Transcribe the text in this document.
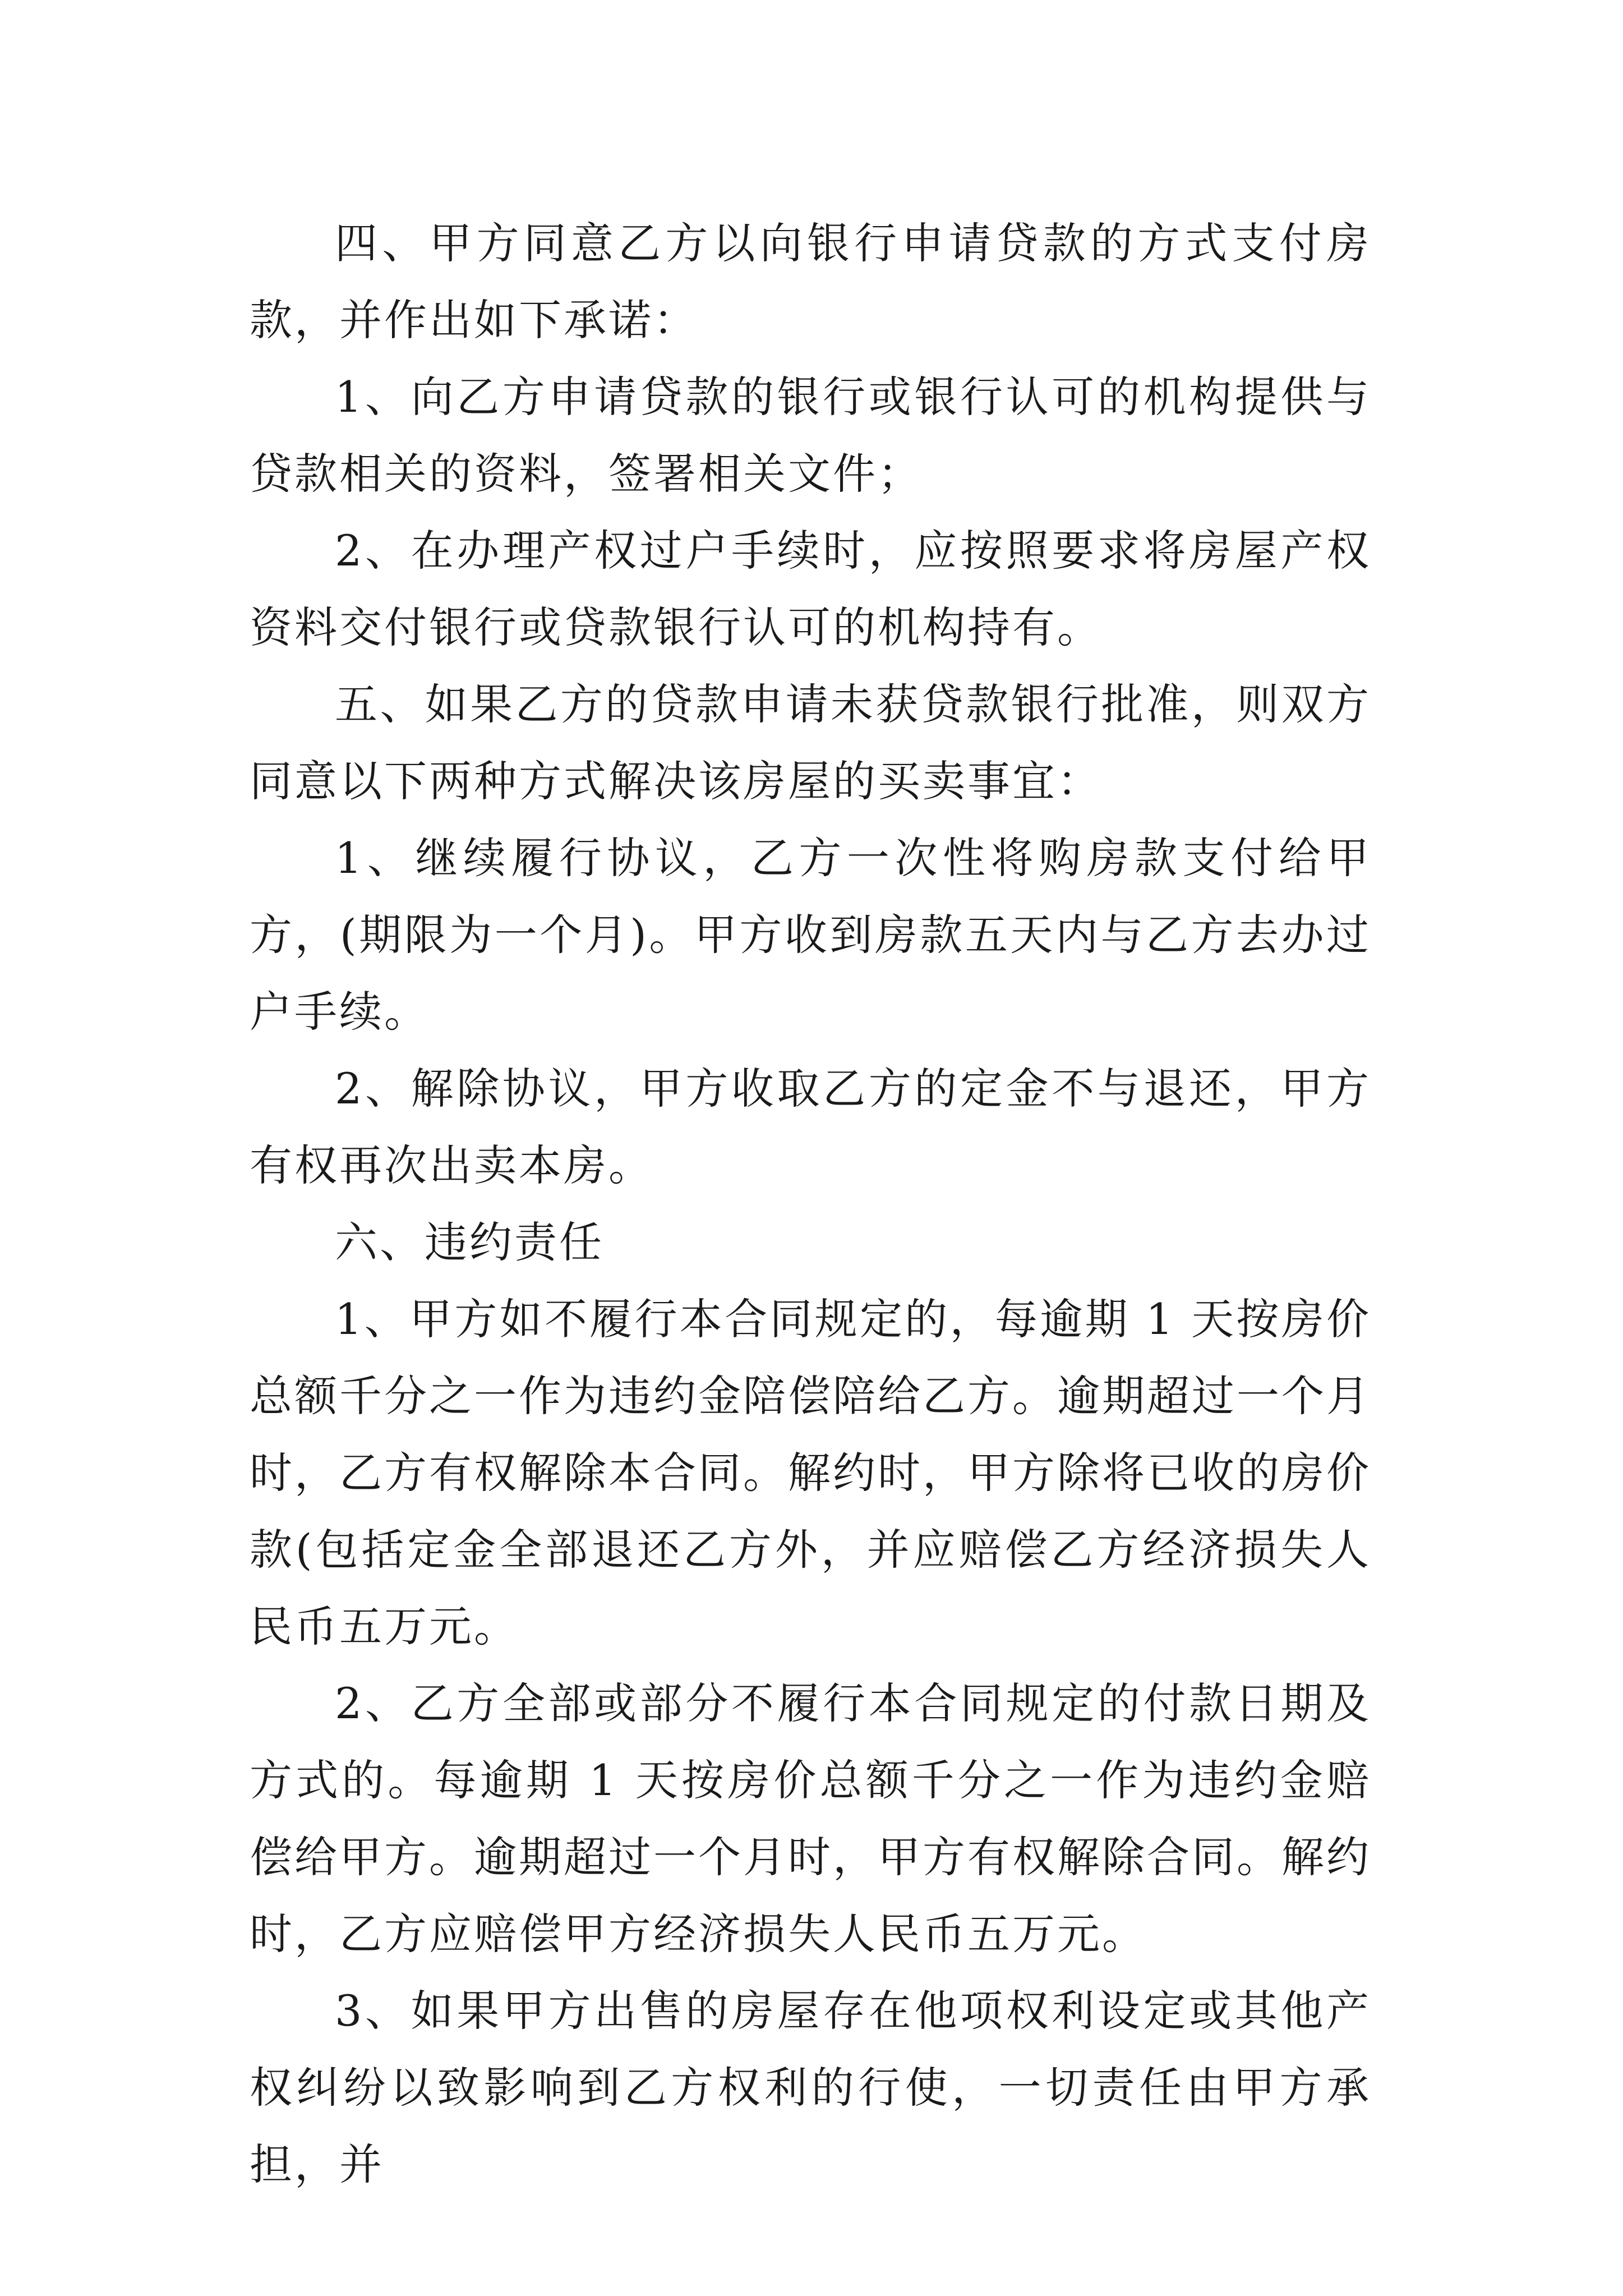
四、甲方同意乙方以向银行申请贷款的方式支付房款，并作出如下承诺：

1、向乙方申请贷款的银行或银行认可的机构提供与贷款相关的资料，签署相关文件；

2、在办理产权过户手续时，应按照要求将房屋产权资料交付银行或贷款银行认可的机构持有。

五、如果乙方的贷款申请未获贷款银行批准，则双方同意以下两种方式解决该房屋的买卖事宜：

1、继续履行协议，乙方一次性将购房款支付给甲方，(期限为一个月)。甲方收到房款五天内与乙方去办过户手续。

2、解除协议，甲方收取乙方的定金不与退还，甲方有权再次出卖本房。

六、违约责任

1、甲方如不履行本合同规定的，每逾期 1 天按房价总额千分之一作为违约金陪偿陪给乙方。逾期超过一个月时，乙方有权解除本合同。解约时，甲方除将已收的房价款(包括定金全部退还乙方外，并应赔偿乙方经济损失人民币五万元。

2、乙方全部或部分不履行本合同规定的付款日期及方式的。每逾期 1 天按房价总额千分之一作为违约金赔偿给甲方。逾期超过一个月时，甲方有权解除合同。解约时，乙方应赔偿甲方经济损失人民币五万元。

3、如果甲方出售的房屋存在他项权利设定或其他产权纠纷以致影响到乙方权利的行使，一切责任由甲方承担，并
